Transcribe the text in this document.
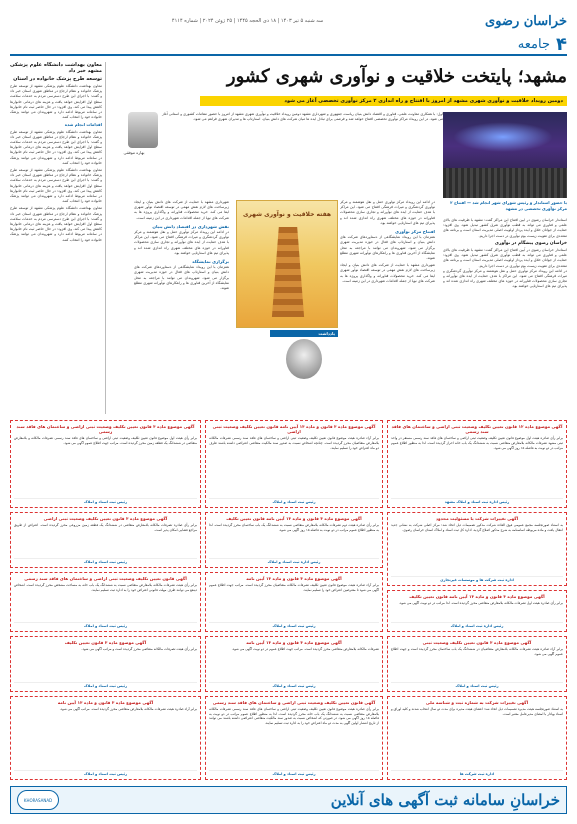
خراسان رضوی
سه شنبه ۵ تیر ۱۴۰۳ | ۱۸ ذی الحجه ۱۴۴۵ | ۲۵ ژوئن ۲۰۲۴ | شماره ۴۱۱۴
۴
جامعه
معاون بهداشت دانشگاه علوم پزشکی مشهد خبر داد
توسعه طرح پزشک خانواده در استان

معاون بهداشت دانشگاه علوم پزشکی مشهد از توسعه طرح پزشک خانواده و نظام ارجاع در مناطق شهری استان خبر داد و گفت: با اجرای این طرح دسترسی مردم به خدمات سلامت سطح اول افزایش خواهد یافت و هزینه های درمانی خانوارها کاهش پیدا می کند. وی افزود: در حال حاضر ثبت نام خانوارها در سامانه مربوط ادامه دارد و شهروندان می توانند پزشک خانواده خود را انتخاب کنند.

اقدامات انجام شده

معاون بهداشت دانشگاه علوم پزشکی مشهد از توسعه طرح پزشک خانواده و نظام ارجاع در مناطق شهری استان خبر داد و گفت: با اجرای این طرح دسترسی مردم به خدمات سلامت سطح اول افزایش خواهد یافت و هزینه های درمانی خانوارها کاهش پیدا می کند. وی افزود: در حال حاضر ثبت نام خانوارها در سامانه مربوط ادامه دارد و شهروندان می توانند پزشک خانواده خود را انتخاب کنند.

معاون بهداشت دانشگاه علوم پزشکی مشهد از توسعه طرح پزشک خانواده و نظام ارجاع در مناطق شهری استان خبر داد و گفت: با اجرای این طرح دسترسی مردم به خدمات سلامت سطح اول افزایش خواهد یافت و هزینه های درمانی خانوارها کاهش پیدا می کند. وی افزود: در حال حاضر ثبت نام خانوارها در سامانه مربوط ادامه دارد و شهروندان می توانند پزشک خانواده خود را انتخاب کنند.

معاون بهداشت دانشگاه علوم پزشکی مشهد از توسعه طرح پزشک خانواده و نظام ارجاع در مناطق شهری استان خبر داد و گفت: با اجرای این طرح دسترسی مردم به خدمات سلامت سطح اول افزایش خواهد یافت و هزینه های درمانی خانوارها کاهش پیدا می کند. وی افزود: در حال حاضر ثبت نام خانوارها در سامانه مربوط ادامه دارد و شهروندان می توانند پزشک خانواده خود را انتخاب کنند.

مشهد؛ پایتخت خلاقیت و نوآوری شهری کشور
دومین رویداد خلاقیت و نوآوری شهری مشهد از امروز با افتتاح و راه اندازی ۲ مرکز نوآوری تخصصی آغاز می شود
بهاره موفقی
اول: با همکاری معاونت علمی، فناوری و اقتصاد دانش بنیان ریاست جمهوری و شهرداری مشهد دومین رویداد خلاقیت و نوآوری شهری مشهد از امروز با حضور مقامات کشوری و استانی آغاز می شود. در این رویداد مراکز نوآوری تخصصی افتتاح خواهد شد و فرصتی برای تبادل ایده ها میان شرکت های دانش بنیان، استارتاپ ها و مدیران شهری فراهم می شود.
با حضور استاندار و رئیس شورای شهر انجام شد — افتتاح ۲ مرکز نوآوری تخصصی در مشهد

استاندار خراسان رضوی در آیین افتتاح این مراکز گفت: مشهد با ظرفیت های بالای علمی و فناوری می تواند به قطب نوآوری شرق کشور تبدیل شود. وی افزود: حمایت از جوانان خلاق و ایده پرداز اولویت اصلی مدیریت استان است و برنامه های متعددی برای تقویت زیست بوم نوآوری در دست اجرا داریم.

خراسان رضوی پیشگام در نوآوری

استاندار خراسان رضوی در آیین افتتاح این مراکز گفت: مشهد با ظرفیت های بالای علمی و فناوری می تواند به قطب نوآوری شرق کشور تبدیل شود. وی افزود: حمایت از جوانان خلاق و ایده پرداز اولویت اصلی مدیریت استان است و برنامه های متعددی برای تقویت زیست بوم نوآوری در دست اجرا داریم.

در ادامه این رویداد مرکز نوآوری حمل و نقل هوشمند و مرکز نوآوری گردشگری و میراث فرهنگی افتتاح می شود. این مراکز با هدف حمایت از ایده های نوآورانه و تجاری سازی محصولات فناورانه در حوزه های مختلف شهری راه اندازی شده اند و پذیرای تیم های استارتاپی خواهند بود.

در ادامه این رویداد مرکز نوآوری حمل و نقل هوشمند و مرکز نوآوری گردشگری و میراث فرهنگی افتتاح می شود. این مراکز با هدف حمایت از ایده های نوآورانه و تجاری سازی محصولات فناورانه در حوزه های مختلف شهری راه اندازی شده اند و پذیرای تیم های استارتاپی خواهند بود.

افتتاح مرکز نوآوری

همزمان با این رویداد نمایشگاهی از دستاوردهای شرکت های دانش بنیان و استارتاپ های فعال در حوزه مدیریت شهری برگزار می شود. شهروندان می توانند با مراجعه به محل نمایشگاه از آخرین فناوری ها و راهکارهای نوآورانه شهری مطلع شوند.

شهرداری مشهد با حمایت از شرکت های دانش بنیان و ایجاد زیرساخت های لازم نقش مهمی در توسعه اقتصاد نوآور شهری ایفا می کند. خرید محصولات فناورانه و واگذاری پروژه ها به شرکت های نوپا از جمله اقدامات شهرداری در این زمینه است.

هفته خلاقیت و نوآوری شهری

شهرداری مشهد با حمایت از شرکت های دانش بنیان و ایجاد زیرساخت های لازم نقش مهمی در توسعه اقتصاد نوآور شهری ایفا می کند. خرید محصولات فناورانه و واگذاری پروژه ها به شرکت های نوپا از جمله اقدامات شهرداری در این زمینه است.

نقش شهرداری در اقتصاد دانش بنیان

در ادامه این رویداد مرکز نوآوری حمل و نقل هوشمند و مرکز نوآوری گردشگری و میراث فرهنگی افتتاح می شود. این مراکز با هدف حمایت از ایده های نوآورانه و تجاری سازی محصولات فناورانه در حوزه های مختلف شهری راه اندازی شده اند و پذیرای تیم های استارتاپی خواهند بود.

برگزاری نمایشگاه

همزمان با این رویداد نمایشگاهی از دستاوردهای شرکت های دانش بنیان و استارتاپ های فعال در حوزه مدیریت شهری برگزار می شود. شهروندان می توانند با مراجعه به محل نمایشگاه از آخرین فناوری ها و راهکارهای نوآورانه شهری مطلع شوند.

یادداشت
آگهی موضوع ماده ۱۲ قانون تعیین تکلیف وضعیت ثبتی اراضی و ساختمان های فاقد سند رسمی
برابر رأی صادره هیئت اول موضوع قانون تعیین تکلیف وضعیت ثبتی اراضی و ساختمان های فاقد سند رسمی مستقر در واحد ثبتی مشهد تصرفات مالکانه بلامعارض متقاضی نسبت به ششدانگ یک باب خانه احراز گردیده است. لذا به منظور اطلاع عموم مراتب در دو نوبت به فاصله ۱۵ روز آگهی می شود.
رئیس اداره ثبت اسناد و املاک مشهد
آگهی موضوع ماده ۳ قانون و ماده ۱۳ آیین نامه قانون تعیین تکلیف وضعیت ثبتی اراضی
برابر آراء صادره هیئت موضوع قانون تعیین تکلیف وضعیت ثبتی اراضی و ساختمان های فاقد سند رسمی تصرفات مالکانه بلامعارض متقاضیان محرز گردیده است. چنانچه اشخاص نسبت به صدور سند مالکیت متقاضی اعتراضی داشته باشند ظرف دو ماه اعتراض خود را تسلیم نمایند.
رئیس ثبت اسناد و املاک
آگهی موضوع ماده ۳ قانون تعیین تکلیف وضعیت ثبتی اراضی و ساختمان های فاقد سند رسمی
برابر رأی هیئت اول موضوع قانون تعیین تکلیف وضعیت ثبتی اراضی و ساختمان های فاقد سند رسمی تصرفات مالکانه و بلامعارض متقاضی در ششدانگ یک قطعه زمین محرز گردیده است. مراتب جهت اطلاع عموم آگهی می شود.
رئیس ثبت اسناد و املاک
آگهی تغییرات شرکت با مسئولیت محدود
به استناد صورتجلسه مجمع عمومی فوق العاده شرکت مذکور تصمیمات ذیل اتخاذ شد: مرکز اصلی شرکت به نشانی جدید انتقال یافت و ماده مربوطه اساسنامه به شرح مذکور اصلاح گردید. اداره کل ثبت اسناد و املاک استان خراسان رضوی.
اداره ثبت شرکت ها و موسسات غیرتجاری
آگهی موضوع ماده ۳ قانون و ماده ۱۳ آیین نامه قانون تعیین تکلیف
برابر رأی صادره هیئت دوم تصرفات مالکانه بلامعارض متقاضی نسبت به ششدانگ یک باب ساختمان محرز گردیده است. لذا به منظور اطلاع عموم مراتب در دو نوبت به فاصله ۱۵ روز آگهی می شود.
رئیس اداره ثبت اسناد و املاک
آگهی موضوع ماده ۳ قانون تعیین تکلیف وضعیت ثبتی اراضی
برابر رأی صادره تصرفات مالکانه بلامعارض متقاضی در ششدانگ یک قطعه زمین مزروعی محرز گردیده است. اعتراض از طریق مراجع قضایی امکان پذیر است.
رئیس ثبت اسناد و املاک
آگهی موضوع ماده ۳ قانون و ماده ۱۳ آیین نامه
برابر آراء صادره هیئت موضوع قانون تعیین تکلیف تصرفات مالکانه متقاضیان محرز گردیده است. مراتب جهت اطلاع عموم آگهی می شود تا معترضین اعتراض خود را تسلیم نمایند.
رئیس ثبت اسناد و املاک
آگهی قانون تعیین تکلیف وضعیت ثبتی اراضی و ساختمان های فاقد سند رسمی
برابر رأی هیئت تصرفات مالکانه بلامعارض متقاضی نسبت به ششدانگ یک باب خانه به مساحت مشخص محرز گردیده است. اشخاص ذینفع می توانند ظرف مهلت قانونی اعتراض خود را به اداره ثبت تسلیم نمایند.
رئیس ثبت اسناد و املاک
آگهی موضوع ماده ۳ قانون و ماده ۱۳ آیین نامه قانون تعیین تکلیف
برابر رأی صادره هیئت اول تصرفات مالکانه بلامعارض متقاضی محرز گردیده است. لذا مراتب در دو نوبت آگهی می شود.
رئیس اداره ثبت اسناد و املاک
آگهی موضوع ماده ۳ قانون تعیین تکلیف وضعیت ثبتی
برابر آراء صادره هیئت تصرفات مالکانه بلامعارض متقاضیان در ششدانگ یک باب ساختمان محرز گردیده است و جهت اطلاع عموم آگهی می شود.
رئیس ثبت اسناد و املاک
آگهی موضوع ماده ۳ قانون و ماده ۱۳ آیین نامه
تصرفات مالکانه بلامعارض متقاضی محرز گردیده است. مراتب جهت اطلاع عموم در دو نوبت آگهی می شود.
رئیس ثبت اسناد و املاک
آگهی موضوع ماده ۳ قانون تعیین تکلیف
برابر رأی هیئت تصرفات مالکانه متقاضی محرز گردیده است و مراتب آگهی می شود.
رئیس ثبت اسناد و املاک
آگهی قانون تعیین تکلیف وضعیت ثبتی اراضی و ساختمان های فاقد سند رسمی
برابر رأی صادره هیئت موضوع قانون تعیین تکلیف وضعیت ثبتی اراضی و ساختمان های فاقد سند رسمی تصرفات مالکانه بلامعارض متقاضی نسبت به ششدانگ یک باب خانه محرز گردیده است. لذا به منظور اطلاع عموم مراتب در دو نوبت به فاصله ۱۵ روز آگهی می شود. در صورتی که اشخاص نسبت به صدور سند مالکیت متقاضی اعتراضی داشته باشند می توانند از تاریخ انتشار اولین آگهی به مدت دو ماه اعتراض خود را به اداره ثبت تسلیم نمایند.
رئیس ثبت اسناد و املاک
آگهی تغییرات شرکت به شماره ثبت و شناسه ملی
به استناد صورتجلسه هیئت مدیره تصمیمات ذیل اتخاذ شد: اعضای هیئت مدیره برای مدت دو سال انتخاب شدند و کلیه اوراق و اسناد بهادار با امضای مدیرعامل معتبر است.
اداره ثبت شرکت ها
آگهی موضوع ماده ۳ قانون و ماده ۱۳ آیین نامه
برابر آراء صادره هیئت تصرفات مالکانه بلامعارض متقاضی محرز گردیده است. مراتب آگهی می شود.
رئیس ثبت اسناد و املاک
خراسانِ سامانه ثبت آگهی های آنلاین
KHORASANAD
